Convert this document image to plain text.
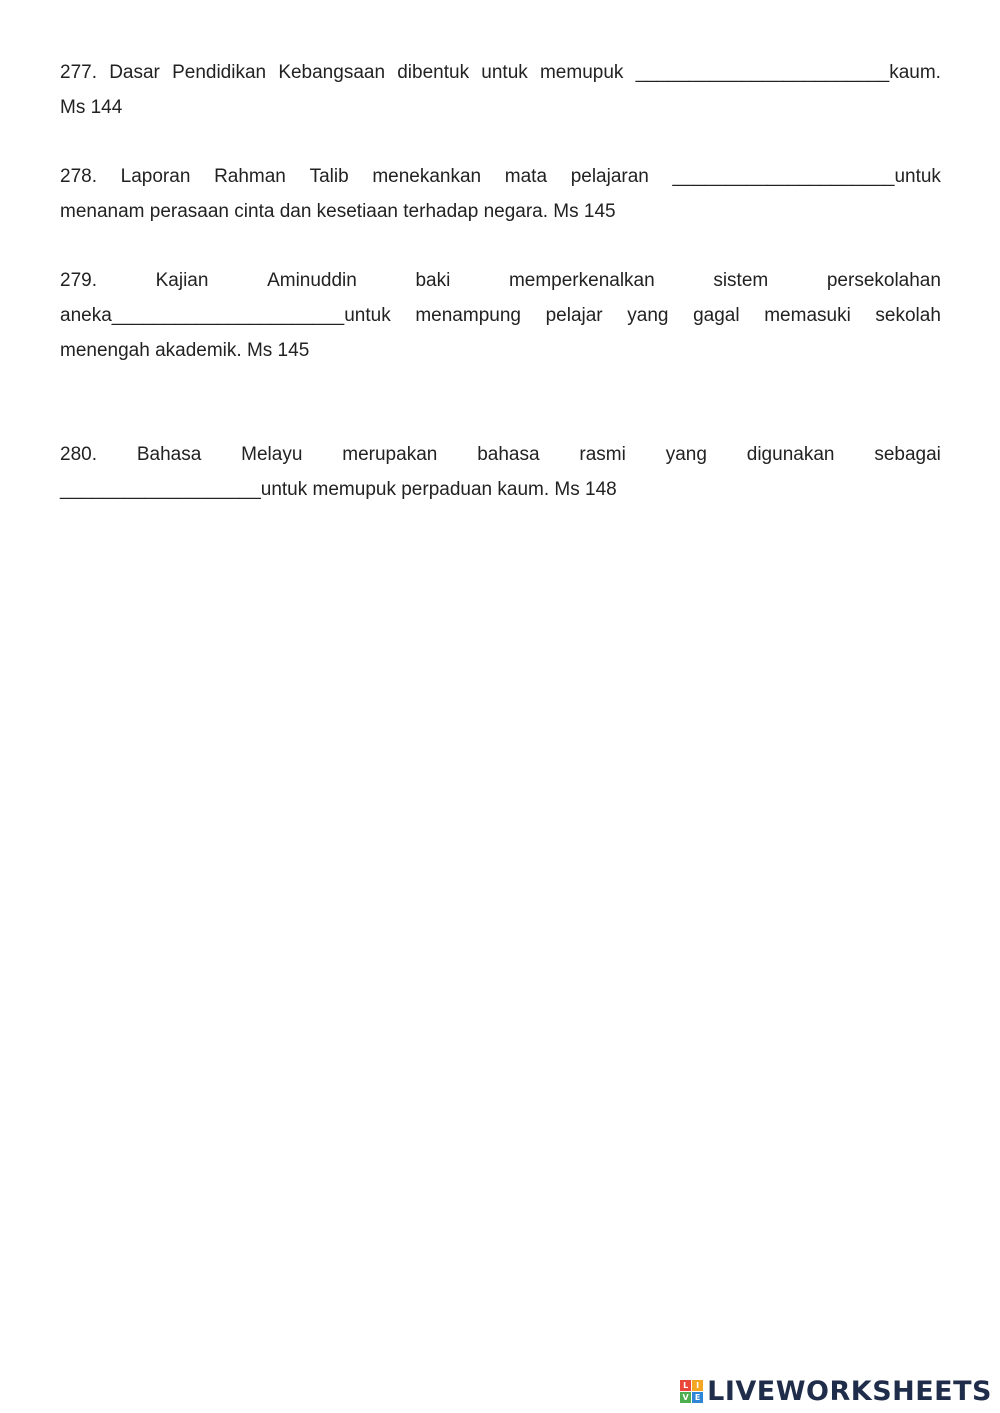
277. Dasar Pendidikan Kebangsaan dibentuk untuk memupuk ________________________kaum.
Ms 144
278. Laporan Rahman Talib menekankan mata pelajaran _____________________untuk
menanam perasaan cinta dan kesetiaan terhadap negara. Ms 145
279.	Kajian	Aminuddin	baki	memperkenalkan	sistem	persekolahan
aneka______________________untuk menampung pelajar yang gagal memasuki sekolah
menengah akademik. Ms 145
280. Bahasa Melayu merupakan bahasa rasmi yang digunakan sebagai
___________________untuk memupuk perpaduan kaum. Ms 148
L I
V E LIVEWORKSHEETS
